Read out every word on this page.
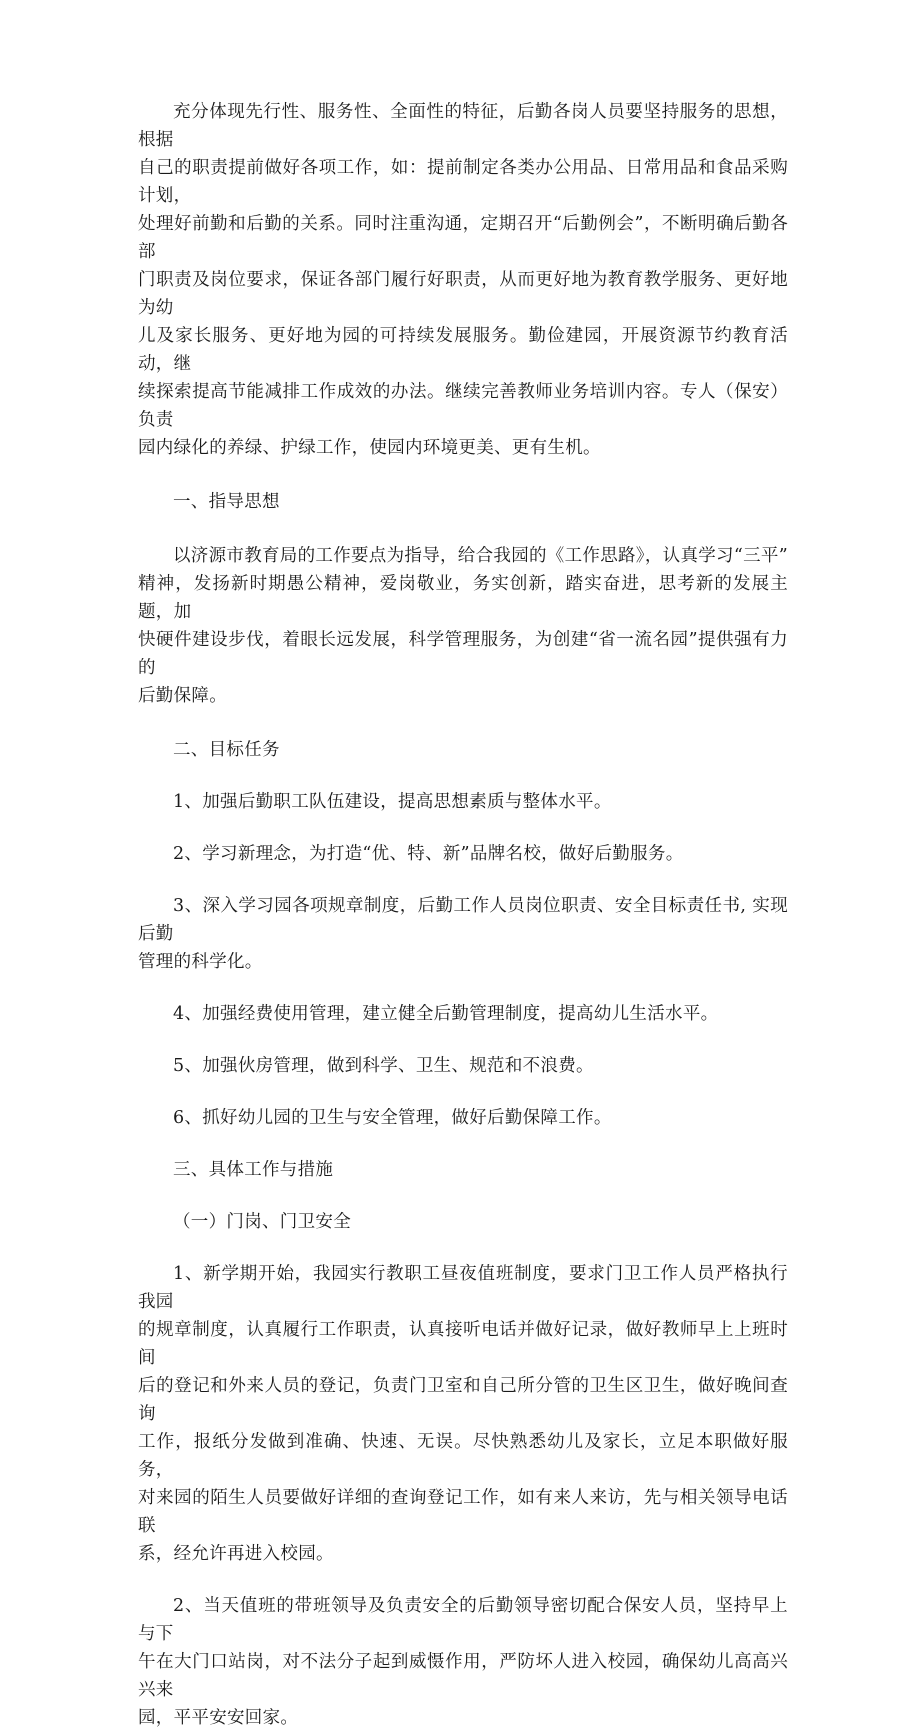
充分体现先行性、服务性、全面性的特征，后勤各岗人员要坚持服务的思想，根据
自己的职责提前做好各项工作，如：提前制定各类办公用品、日常用品和食品采购计划，
处理好前勤和后勤的关系。同时注重沟通，定期召开“后勤例会”，不断明确后勤各部
门职责及岗位要求，保证各部门履行好职责，从而更好地为教育教学服务、更好地为幼
儿及家长服务、更好地为园的可持续发展服务。勤俭建园，开展资源节约教育活动，继
续探索提高节能减排工作成效的办法。继续完善教师业务培训内容。专人（保安）负责
园内绿化的养绿、护绿工作，使园内环境更美、更有生机。

一、指导思想

以济源市教育局的工作要点为指导，给合我园的《工作思路》，认真学习“三平”
精神，发扬新时期愚公精神，爱岗敬业，务实创新，踏实奋进，思考新的发展主题，加
快硬件建设步伐，着眼长远发展，科学管理服务，为创建“省一流名园”提供强有力的
后勤保障。

二、目标任务

1、加强后勤职工队伍建设，提高思想素质与整体水平。

2、学习新理念，为打造“优、特、新”品牌名校，做好后勤服务。

3、深入学习园各项规章制度，后勤工作人员岗位职责、安全目标责任书, 实现后勤
管理的科学化。

4、加强经费使用管理，建立健全后勤管理制度，提高幼儿生活水平。

5、加强伙房管理，做到科学、卫生、规范和不浪费。

6、抓好幼儿园的卫生与安全管理，做好后勤保障工作。

三、具体工作与措施

（一）门岗、门卫安全

1、新学期开始，我园实行教职工昼夜值班制度，要求门卫工作人员严格执行我园
的规章制度，认真履行工作职责，认真接听电话并做好记录，做好教师早上上班时间
后的登记和外来人员的登记，负责门卫室和自己所分管的卫生区卫生，做好晚间查询
工作，报纸分发做到准确、快速、无误。尽快熟悉幼儿及家长，立足本职做好服务，
对来园的陌生人员要做好详细的查询登记工作，如有来人来访，先与相关领导电话联
系，经允许再进入校园。

2、当天值班的带班领导及负责安全的后勤领导密切配合保安人员，坚持早上与下
午在大门口站岗，对不法分子起到威慑作用，严防坏人进入校园，确保幼儿高高兴兴来
园，平平安安回家。
